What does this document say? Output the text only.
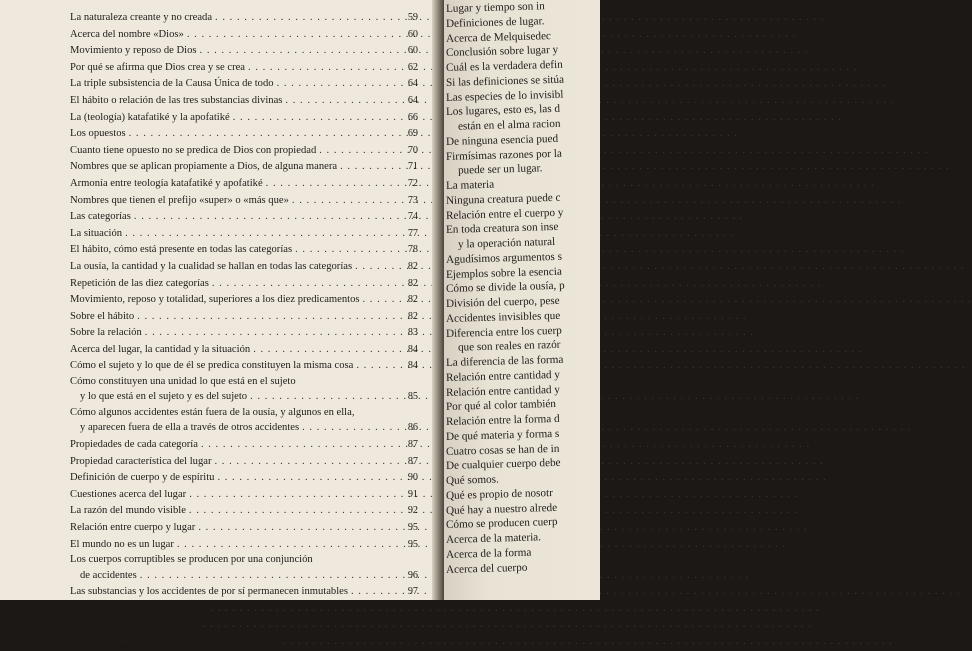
La naturaleza creante y no creada . . .	59
Acerca del nombre «Dios» . . .	60
Movimiento y reposo de Dios . . .	60
Por qué se afirma que Dios crea y se crea . . .	62
La triple subsistencia de la Causa Única de todo . . .	64
El hábito o relación de las tres substancias divinas . . .	64
La (teología) katafatiké y la apofatiké . . .	66
Los opuestos . . .	69
Cuanto tiene opuesto no se predica de Dios con propiedad . . .	70
Nombres que se aplican propiamente a Dios, de alguna manera . . .	71
Armonía entre teología katafatiké y apofatiké . . .	72
Nombres que tienen el prefijo «super» o «más que» . . .	73
Las categorías . . .	74
La situación . . .	77
El hábito, cómo está presente en todas las categorías . . .	78
La ousía, la cantidad y la cualidad se hallan en todas las categorías . . .	82
Repetición de las diez categorías . . .	82
Movimiento, reposo y totalidad, superiores a los diez predicamentos . . .	82
Sobre el hábito . . .	82
Sobre la relación . . .	83
Acerca del lugar, la cantidad y la situación . . .	84
Cómo el sujeto y lo que de él se predica constituyen la misma cosa . . .	84
Cómo constituyen una unidad lo que está en el sujeto
y lo que está en el sujeto y es del sujeto . . .	85
Cómo algunos accidentes están fuera de la ousía, y algunos en ella,
y aparecen fuera de ella a través de otros accidentes . . .	86
Propiedades de cada categoría . . .	87
Propiedad característica del lugar . . .	87
Definición de cuerpo y de espíritu . . .	90
Cuestiones acerca del lugar . . .	91
La razón del mundo visible . . .	92
Relación entre cuerpo y lugar . . .	95
El mundo no es un lugar . . .	95
Los cuerpos corruptibles se producen por una conjunción
de accidentes . . .	96
Las substancias y los accidentes de por sí permanecen inmutables . . .	97
Por qué el mundo no es un lugar . . .	97
Definición de vista y de visión . . .	98
Las partes del mundo no son propiamente lugares . . .	99
Lugar y tiempo son in
Definiciones de lugar.
Acerca de Melquisedec
Conclusión sobre lugar y
Cuál es la verdadera defin
Si las definiciones se sitúa
Las especies de lo invisibl
Los lugares, esto es, las d
están en el alma racion
De ninguna esencia pued
Firmísimas razones por la
puede ser un lugar.
La materia
Ninguna creatura puede c
Relación entre el cuerpo y
En toda creatura son inse
y la operación natural
Agudísimos argumentos s
Ejemplos sobre la esencia
Cómo se divide la ousía, p
División del cuerpo, pese
Accidentes invisibles que
Diferencia entre los cuerp
que son reales en razór
La diferencia de las forma
Relación entre cantidad y
Relación entre cantidad y
Por qué al color también
Relación entre la forma d
De qué materia y forma s
Cuatro cosas se han de in
De cualquier cuerpo debe
Qué somos.
Qué es propio de nosotr
Qué hay a nuestro alrede
Cómo se producen cuerp
Acerca de la materia.
Acerca de la forma
Acerca del cuerpo
